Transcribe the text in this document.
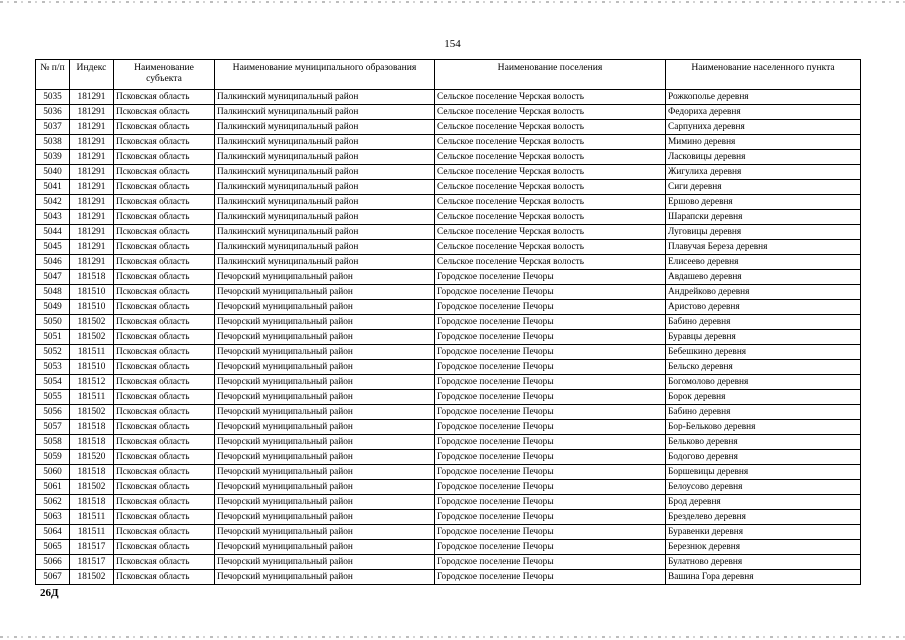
154
№ п/п	Индекс	Наименование субъекта	Наименование муниципального образования	Наименование поселения	Наименование населенного пункта
5035	181291	Псковская область	Палкинский муниципальный район	Сельское поселение Черская волость	Рожкополье деревня
5036	181291	Псковская область	Палкинский муниципальный район	Сельское поселение Черская волость	Федориха деревня
5037	181291	Псковская область	Палкинский муниципальный район	Сельское поселение Черская волость	Сарпуниха деревня
5038	181291	Псковская область	Палкинский муниципальный район	Сельское поселение Черская волость	Мимино деревня
5039	181291	Псковская область	Палкинский муниципальный район	Сельское поселение Черская волость	Ласковицы деревня
5040	181291	Псковская область	Палкинский муниципальный район	Сельское поселение Черская волость	Жигулиха деревня
5041	181291	Псковская область	Палкинский муниципальный район	Сельское поселение Черская волость	Сиги деревня
5042	181291	Псковская область	Палкинский муниципальный район	Сельское поселение Черская волость	Ершово деревня
5043	181291	Псковская область	Палкинский муниципальный район	Сельское поселение Черская волость	Шарапски деревня
5044	181291	Псковская область	Палкинский муниципальный район	Сельское поселение Черская волость	Луговицы деревня
5045	181291	Псковская область	Палкинский муниципальный район	Сельское поселение Черская волость	Плавучая Береза деревня
5046	181291	Псковская область	Палкинский муниципальный район	Сельское поселение Черская волость	Елисеево деревня
5047	181518	Псковская область	Печорский муниципальный район	Городское поселение Печоры	Авдашево деревня
5048	181510	Псковская область	Печорский муниципальный район	Городское поселение Печоры	Андрейково деревня
5049	181510	Псковская область	Печорский муниципальный район	Городское поселение Печоры	Аристово деревня
5050	181502	Псковская область	Печорский муниципальный район	Городское поселение Печоры	Бабино деревня
5051	181502	Псковская область	Печорский муниципальный район	Городское поселение Печоры	Буравцы деревня
5052	181511	Псковская область	Печорский муниципальный район	Городское поселение Печоры	Бебешкино деревня
5053	181510	Псковская область	Печорский муниципальный район	Городское поселение Печоры	Бельско деревня
5054	181512	Псковская область	Печорский муниципальный район	Городское поселение Печоры	Богомолово деревня
5055	181511	Псковская область	Печорский муниципальный район	Городское поселение Печоры	Борок деревня
5056	181502	Псковская область	Печорский муниципальный район	Городское поселение Печоры	Бабино деревня
5057	181518	Псковская область	Печорский муниципальный район	Городское поселение Печоры	Бор-Бельково деревня
5058	181518	Псковская область	Печорский муниципальный район	Городское поселение Печоры	Бельково деревня
5059	181520	Псковская область	Печорский муниципальный район	Городское поселение Печоры	Бодогово деревня
5060	181518	Псковская область	Печорский муниципальный район	Городское поселение Печоры	Боршевицы деревня
5061	181502	Псковская область	Печорский муниципальный район	Городское поселение Печоры	Белоусово деревня
5062	181518	Псковская область	Печорский муниципальный район	Городское поселение Печоры	Брод деревня
5063	181511	Псковская область	Печорский муниципальный район	Городское поселение Печоры	Брезделево деревня
5064	181511	Псковская область	Печорский муниципальный район	Городское поселение Печоры	Буравенки деревня
5065	181517	Псковская область	Печорский муниципальный район	Городское поселение Печоры	Березнюк деревня
5066	181517	Псковская область	Печорский муниципальный район	Городское поселение Печоры	Булатново деревня
5067	181502	Псковская область	Печорский муниципальный район	Городское поселение Печоры	Вашина Гора деревня
26Д
